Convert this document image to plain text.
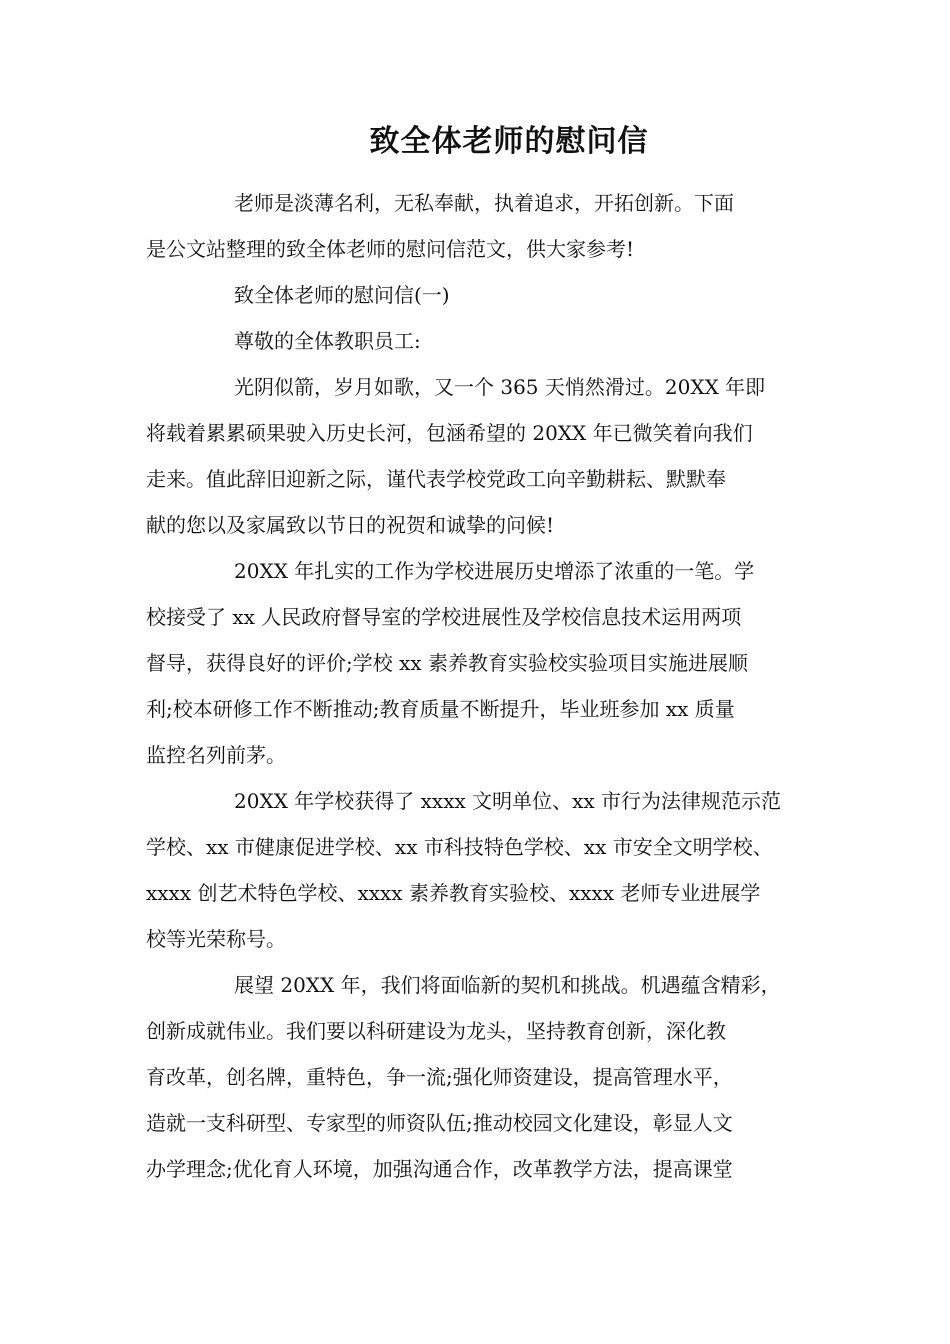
致全体老师的慰问信
老师是淡薄名利，无私奉献，执着追求，开拓创新。下面
是公文站整理的致全体老师的慰问信范文，供大家参考!
致全体老师的慰问信(一)
尊敬的全体教职员工:
光阴似箭，岁月如歌，又一个 365 天悄然滑过。20XX 年即
将载着累累硕果驶入历史长河，包涵希望的 20XX 年已微笑着向我们
走来。值此辞旧迎新之际，谨代表学校党政工向辛勤耕耘、默默奉
献的您以及家属致以节日的祝贺和诚挚的问候!
20XX 年扎实的工作为学校进展历史增添了浓重的一笔。学
校接受了 xx 人民政府督导室的学校进展性及学校信息技术运用两项
督导，获得良好的评价;学校 xx 素养教育实验校实验项目实施进展顺
利;校本研修工作不断推动;教育质量不断提升，毕业班参加 xx 质量
监控名列前茅。
20XX 年学校获得了 xxxx 文明单位、xx 市行为法律规范示范
学校、xx 市健康促进学校、xx 市科技特色学校、xx 市安全文明学校、
xxxx 创艺术特色学校、xxxx 素养教育实验校、xxxx 老师专业进展学
校等光荣称号。
展望 20XX 年，我们将面临新的契机和挑战。机遇蕴含精彩，
创新成就伟业。我们要以科研建设为龙头，坚持教育创新，深化教
育改革，创名牌，重特色，争一流;强化师资建设，提高管理水平，
造就一支科研型、专家型的师资队伍;推动校园文化建设，彰显人文
办学理念;优化育人环境，加强沟通合作，改革教学方法，提高课堂
